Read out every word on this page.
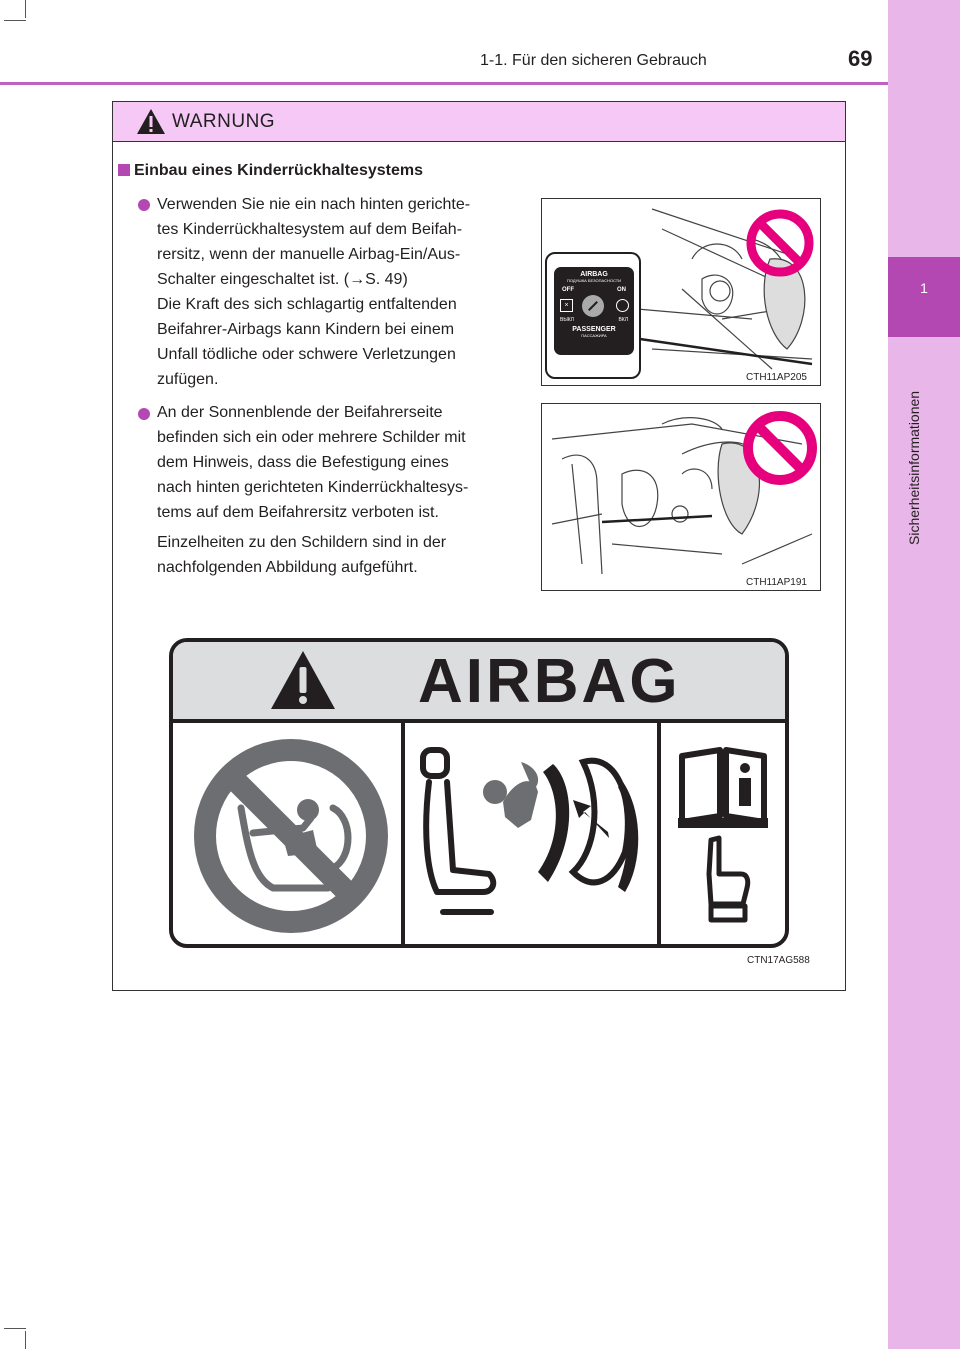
1
Sicherheitsinformationen
1-1. Für den sicheren Gebrauch	69
WARNUNG
Einbau eines Kinderrückhaltesystems
Verwenden Sie nie ein nach hinten gerichte-
tes Kinderrückhaltesystem auf dem Beifah-
rersitz, wenn der manuelle Airbag-Ein/Aus-
Schalter eingeschaltet ist. (→S. 49)
Die Kraft des sich schlagartig entfaltenden
Beifahrer-Airbags kann Kindern bei einem
Unfall tödliche oder schwere Verletzungen
zufügen.
An der Sonnenblende der Beifahrerseite
befinden sich ein oder mehrere Schilder mit
dem Hinweis, dass die Befestigung eines
nach hinten gerichteten Kinderrückhaltesys-
tems auf dem Beifahrersitz verboten ist.
Einzelheiten zu den Schildern sind in der
nachfolgenden Abbildung aufgeführt.
AIRBAG
ПОДУШКА БЕЗОПАСНОСТИ
OFF	ON
×
ВЫКЛ	ВКЛ
PASSENGER
ПАССАЖИРА
CTH11AP205
CTH11AP191
AIRBAG
CTN17AG588
